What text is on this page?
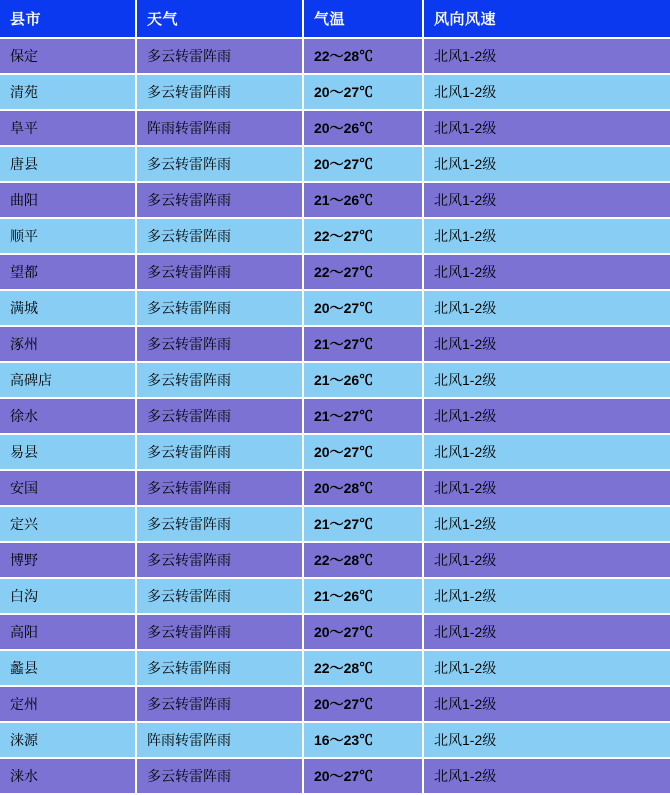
县市	天气	气温	风向风速
保定	多云转雷阵雨	22～28℃	北风1-2级
清苑	多云转雷阵雨	20～27℃	北风1-2级
阜平	阵雨转雷阵雨	20～26℃	北风1-2级
唐县	多云转雷阵雨	20～27℃	北风1-2级
曲阳	多云转雷阵雨	21～26℃	北风1-2级
顺平	多云转雷阵雨	22～27℃	北风1-2级
望都	多云转雷阵雨	22～27℃	北风1-2级
满城	多云转雷阵雨	20～27℃	北风1-2级
涿州	多云转雷阵雨	21～27℃	北风1-2级
高碑店	多云转雷阵雨	21～26℃	北风1-2级
徐水	多云转雷阵雨	21～27℃	北风1-2级
易县	多云转雷阵雨	20～27℃	北风1-2级
安国	多云转雷阵雨	20～28℃	北风1-2级
定兴	多云转雷阵雨	21～27℃	北风1-2级
博野	多云转雷阵雨	22～28℃	北风1-2级
白沟	多云转雷阵雨	21～26℃	北风1-2级
高阳	多云转雷阵雨	20～27℃	北风1-2级
蠡县	多云转雷阵雨	22～28℃	北风1-2级
定州	多云转雷阵雨	20～27℃	北风1-2级
涞源	阵雨转雷阵雨	16～23℃	北风1-2级
涞水	多云转雷阵雨	20～27℃	北风1-2级
